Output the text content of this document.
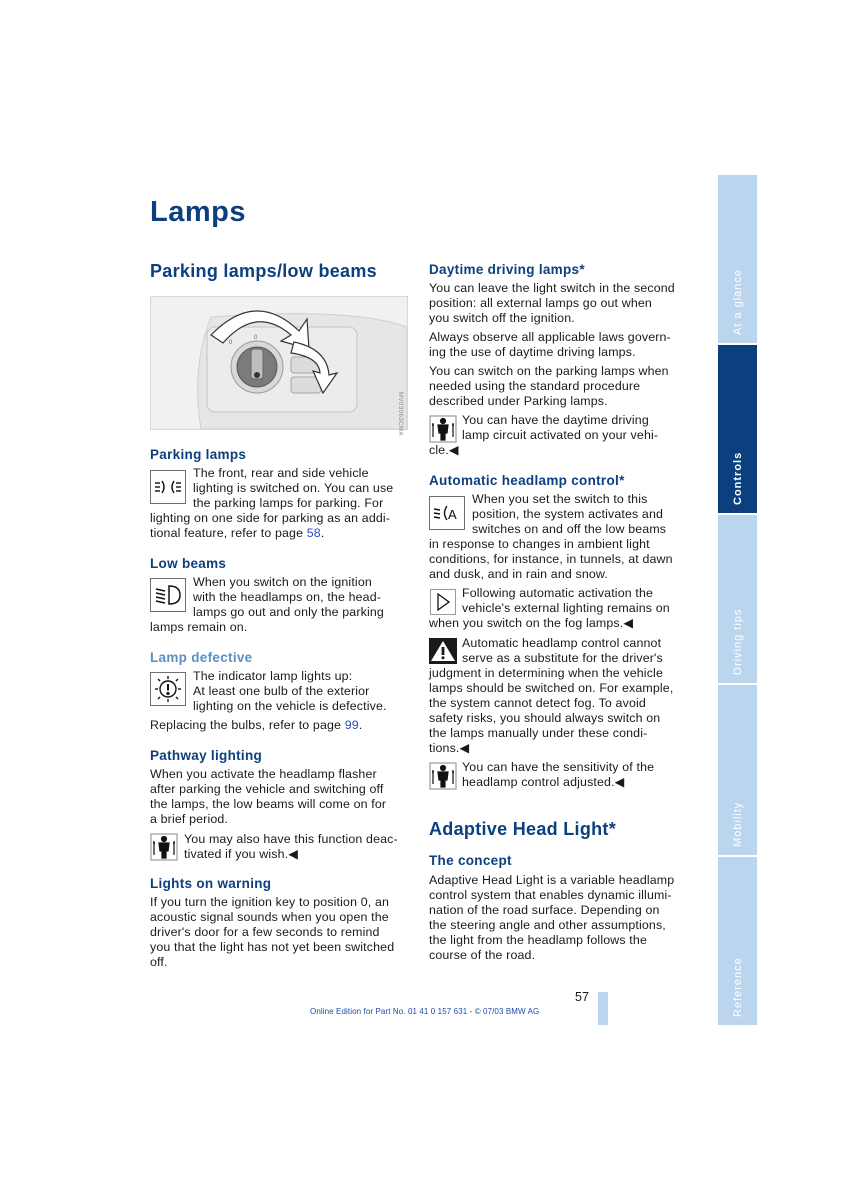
Lamps
Parking lamps/low beams
0
0
MV03063CMA
Parking lamps
The front, rear and side vehicle
lighting is switched on. You can use
the parking lamps for parking. For
lighting on one side for parking as an addi-
tional feature, refer to page 58.
Low beams
When you switch on the ignition
with the headlamps on, the head-
lamps go out and only the parking
lamps remain on.
Lamp defective
The indicator lamp lights up:
At least one bulb of the exterior
lighting on the vehicle is defective.
Replacing the bulbs, refer to page 99.
Pathway lighting
When you activate the headlamp flasher
after parking the vehicle and switching off
the lamps, the low beams will come on for
a brief period.
You may also have this function deac-
tivated if you wish.◀
Lights on warning
If you turn the ignition key to position 0, an
acoustic signal sounds when you open the
driver's door for a few seconds to remind
you that the light has not yet been switched
off.
Daytime driving lamps*
You can leave the light switch in the second
position: all external lamps go out when
you switch off the ignition.
Always observe all applicable laws govern-
ing the use of daytime driving lamps.
You can switch on the parking lamps when
needed using the standard procedure
described under Parking lamps.
You can have the daytime driving
lamp circuit activated on your vehi-
cle.◀
Automatic headlamp control*
A
When you set the switch to this
position, the system activates and
switches on and off the low beams
in response to changes in ambient light
conditions, for instance, in tunnels, at dawn
and dusk, and in rain and snow.
Following automatic activation the
vehicle's external lighting remains on
when you switch on the fog lamps.◀
Automatic headlamp control cannot
serve as a substitute for the driver's
judgment in determining when the vehicle
lamps should be switched on. For example,
the system cannot detect fog. To avoid
safety risks, you should always switch on
the lamps manually under these condi-
tions.◀
You can have the sensitivity of the
headlamp control adjusted.◀
Adaptive Head Light*
The concept
Adaptive Head Light is a variable headlamp
control system that enables dynamic illumi-
nation of the road surface. Depending on
the steering angle and other assumptions,
the light from the headlamp follows the
course of the road.
At a glance
Controls
Driving tips
Mobility
Reference
57
Online Edition for Part No. 01 41 0 157 631 - © 07/03 BMW AG
